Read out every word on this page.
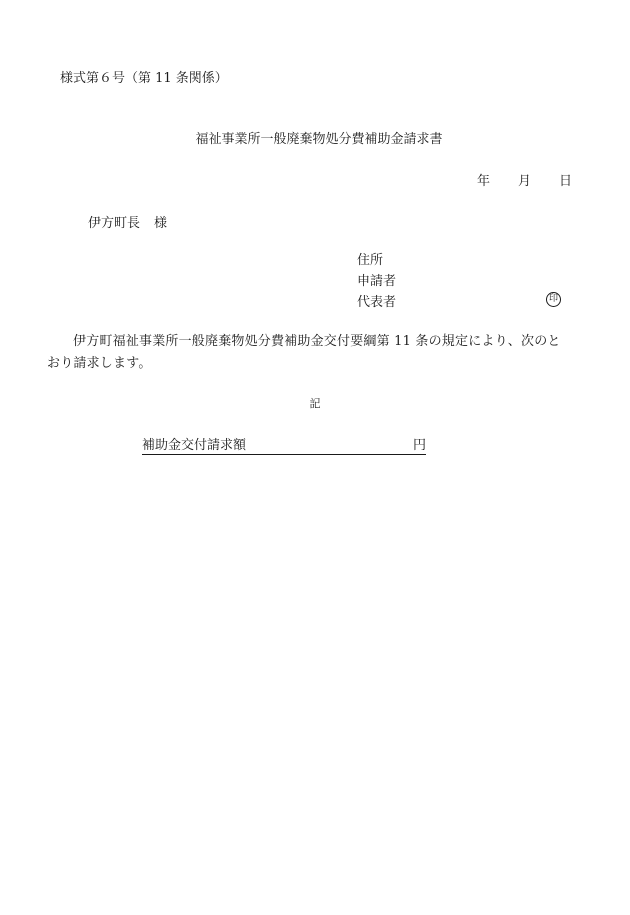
様式第６号（第 11 条関係）
福祉事業所一般廃棄物処分費補助金請求書
年 月 日
伊方町長 様
住所
申請者
代表者	印
伊方町福祉事業所一般廃棄物処分費補助金交付要綱第 11 条の規定により、次のと
おり請求します。
記
補助金交付請求額	円
